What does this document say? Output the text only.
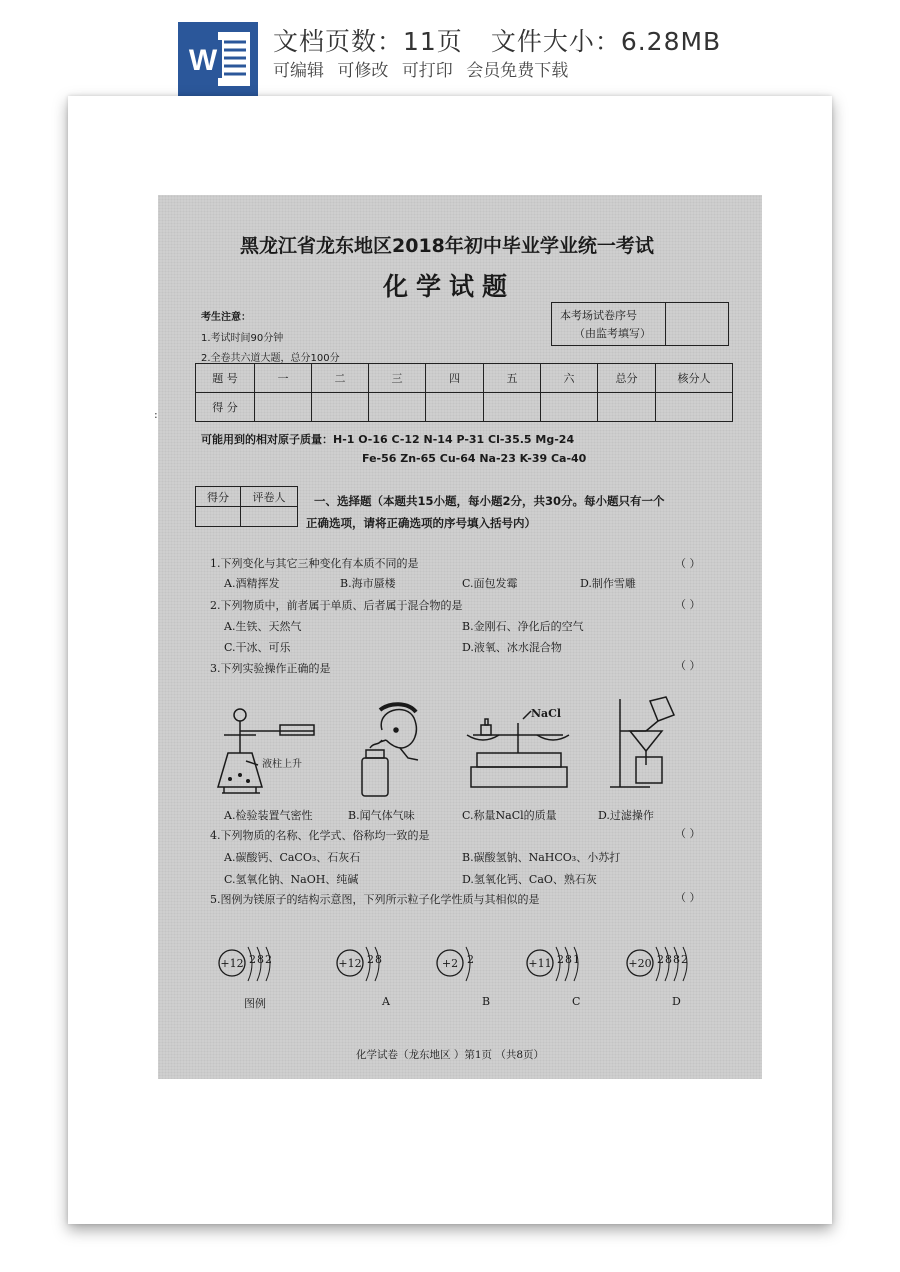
W
文档页数：11页 文件大小：6.28MB
可编辑 可修改 可打印 会员免费下载
:
黑龙江省龙东地区2018年初中毕业学业统一考试
化学试题
考生注意：
1.考试时间90分钟
2.全卷共六道大题，总分100分
本考场试卷序号
（由监考填写）
题 号	一	二	三	四	五	六	总分	核分人
得 分								
可能用到的相对原子质量：H-1 O-16 C-12 N-14 P-31 Cl-35.5 Mg-24
Fe-56 Zn-65 Cu-64 Na-23 K-39 Ca-40
得分	评卷人
	一、选择题（本题共15小题，每小题2分，共30分。每小题只有一个
正确选项，请将正确选项的序号填入括号内）
1.下列变化与其它三种变化有本质不同的是	（ ）
A.酒精挥发	B.海市蜃楼	C.面包发霉	D.制作雪雕
2.下列物质中，前者属于单质、后者属于混合物的是	（ ）
A.生铁、天然气	B.金刚石、净化后的空气
C.干冰、可乐	D.液氧、冰水混合物
3.下列实验操作正确的是	（ ）
液柱上升
NaCl
A.检验装置气密性	B.闻气体气味	C.称量NaCl的质量	D.过滤操作
4.下列物质的名称、化学式、俗称均一致的是	（ ）
A.碳酸钙、CaCO₃、石灰石	B.碳酸氢钠、NaHCO₃、小苏打
C.氢氧化钠、NaOH、纯碱	D.氢氧化钙、CaO、熟石灰
5.图例为镁原子的结构示意图，下列所示粒子化学性质与其相似的是	（ ）
+12 282
图例
+12 28
A
+2 2
B
+11 281
C
+20 2882
D
化学试卷（龙东地区 ）第1页 （共8页）
